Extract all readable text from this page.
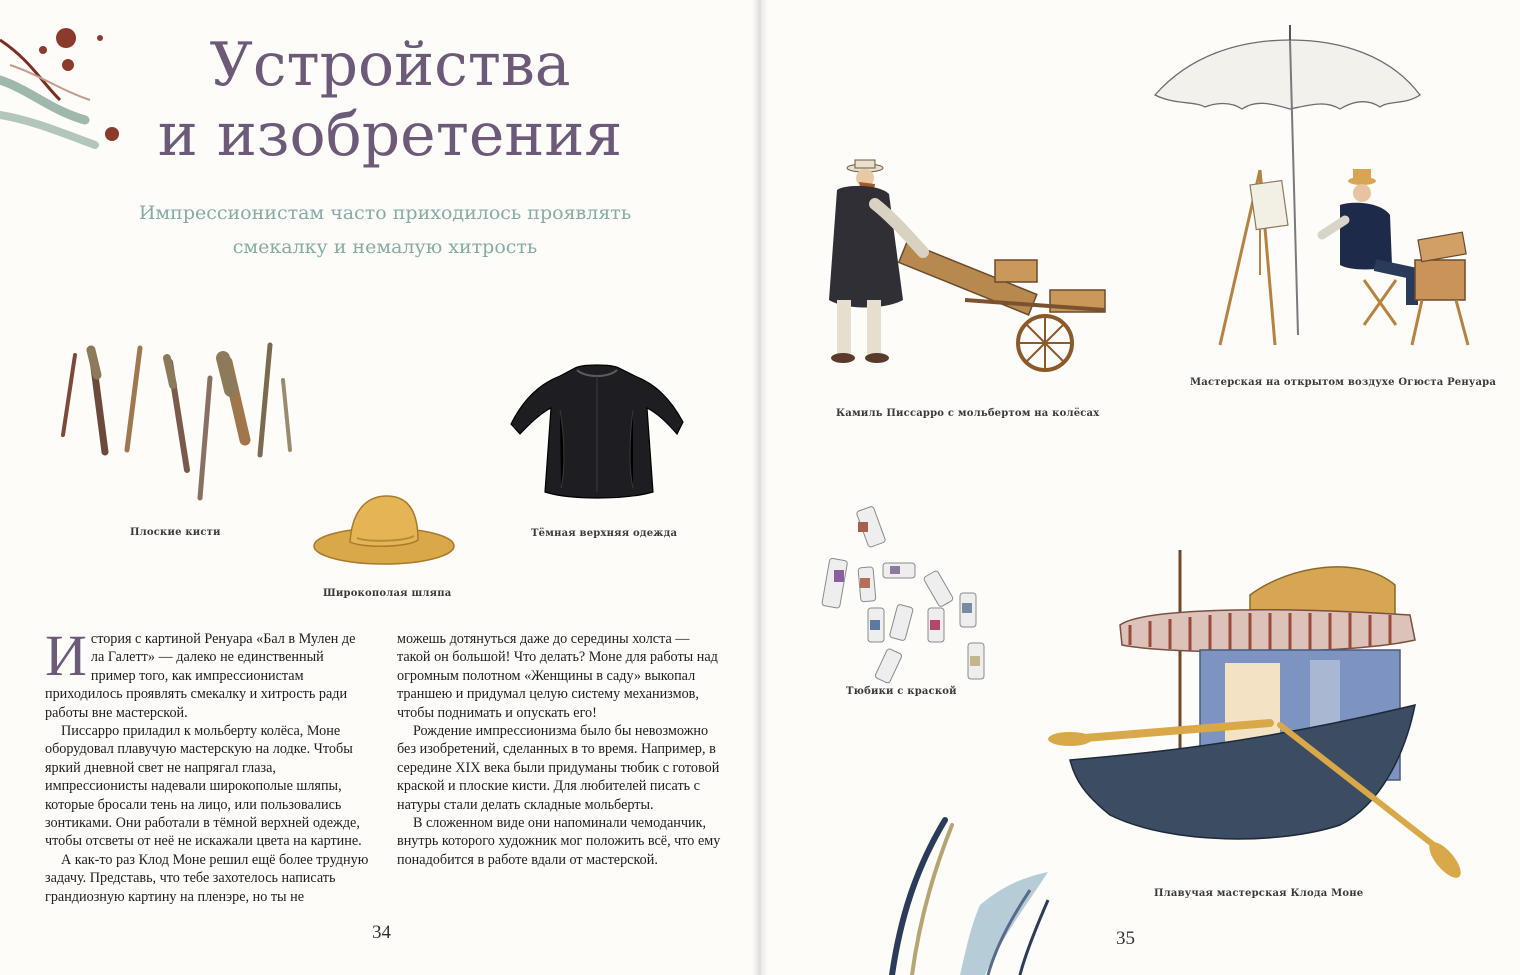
Устройства
и изобретения

Импрессионистам часто приходилось проявлять
смекалку и немалую хитрость

Плоские кисти
Широкополая шляпа
Тёмная верхняя одежда

История с картиной Ренуара «Бал в Мулен де ла Галетт» — далеко не единственный пример того, как импрессионистам приходилось проявлять смекалку и хитрость ради работы вне мастерской.

Писсарро приладил к мольберту колёса, Моне оборудовал плавучую мастерскую на лодке. Чтобы яркий дневной свет не напрягал глаза, импрессионисты надевали широкополые шляпы, которые бросали тень на лицо, или пользовались зонтиками. Они работали в тёмной верхней одежде, чтобы отсветы от неё не искажали цвета на картине.

А как-то раз Клод Моне решил ещё более трудную задачу. Представь, что тебе захотелось написать грандиозную картину на пленэре, но ты не

можешь дотянуться даже до середины холста — такой он большой! Что делать? Моне для работы над огромным полотном «Женщины в саду» выкопал траншею и придумал целую систему механизмов, чтобы поднимать и опускать его!

Рождение импрессионизма было бы невозможно без изобретений, сделанных в то время. Например, в середине XIX века были придуманы тюбик с готовой краской и плоские кисти. Для любителей писать с натуры стали делать складные мольберты.

В сложенном виде они напоминали чемоданчик, внутрь которого художник мог положить всё, что ему понадобится в работе вдали от мастерской.

34
Камиль Писсарро с мольбертом на колёсах
Мастерская на открытом воздухе Огюста Ренуара
Тюбики с краской
Плавучая мастерская Клода Моне
35
